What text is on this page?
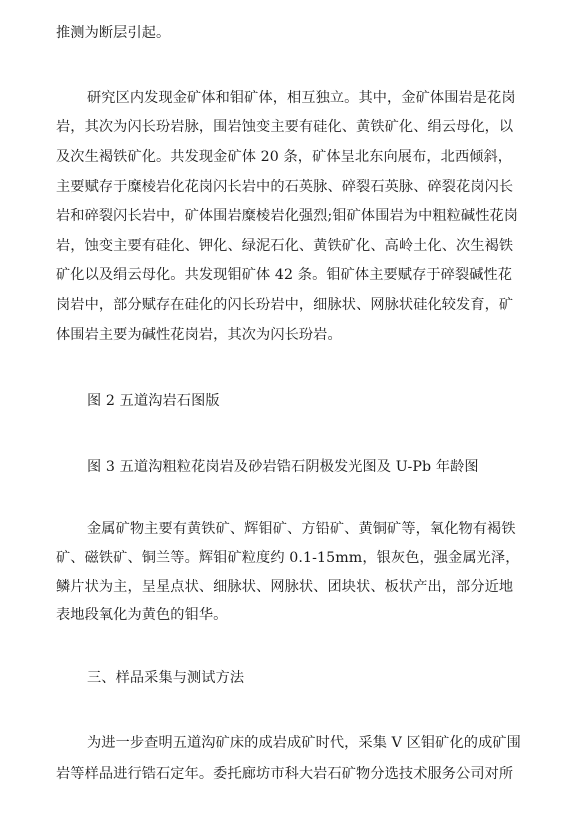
推测为断层引起。
研究区内发现金矿体和钼矿体，相互独立。其中，金矿体围岩是花岗
岩，其次为闪长玢岩脉，围岩蚀变主要有硅化、黄铁矿化、绢云母化，以
及次生褐铁矿化。共发现金矿体 20 条，矿体呈北东向展布，北西倾斜，
主要赋存于糜棱岩化花岗闪长岩中的石英脉、碎裂石英脉、碎裂花岗闪长
岩和碎裂闪长岩中，矿体围岩糜棱岩化强烈;钼矿体围岩为中粗粒碱性花岗
岩，蚀变主要有硅化、钾化、绿泥石化、黄铁矿化、高岭土化、次生褐铁
矿化以及绢云母化。共发现钼矿体 42 条。钼矿体主要赋存于碎裂碱性花
岗岩中，部分赋存在硅化的闪长玢岩中，细脉状、网脉状硅化较发育，矿
体围岩主要为碱性花岗岩，其次为闪长玢岩。
图 2 五道沟岩石图版
图 3 五道沟粗粒花岗岩及砂岩锆石阴极发光图及 U-Pb 年龄图
金属矿物主要有黄铁矿、辉钼矿、方铅矿、黄铜矿等，氧化物有褐铁
矿、磁铁矿、铜兰等。辉钼矿粒度约 0.1-15mm，银灰色，强金属光泽，
鳞片状为主，呈星点状、细脉状、网脉状、团块状、板状产出，部分近地
表地段氧化为黄色的钼华。
三、样品采集与测试方法
为进一步查明五道沟矿床的成岩成矿时代，采集 V 区钼矿化的成矿围
岩等样品进行锆石定年。委托廊坊市科大岩石矿物分选技术服务公司对所
